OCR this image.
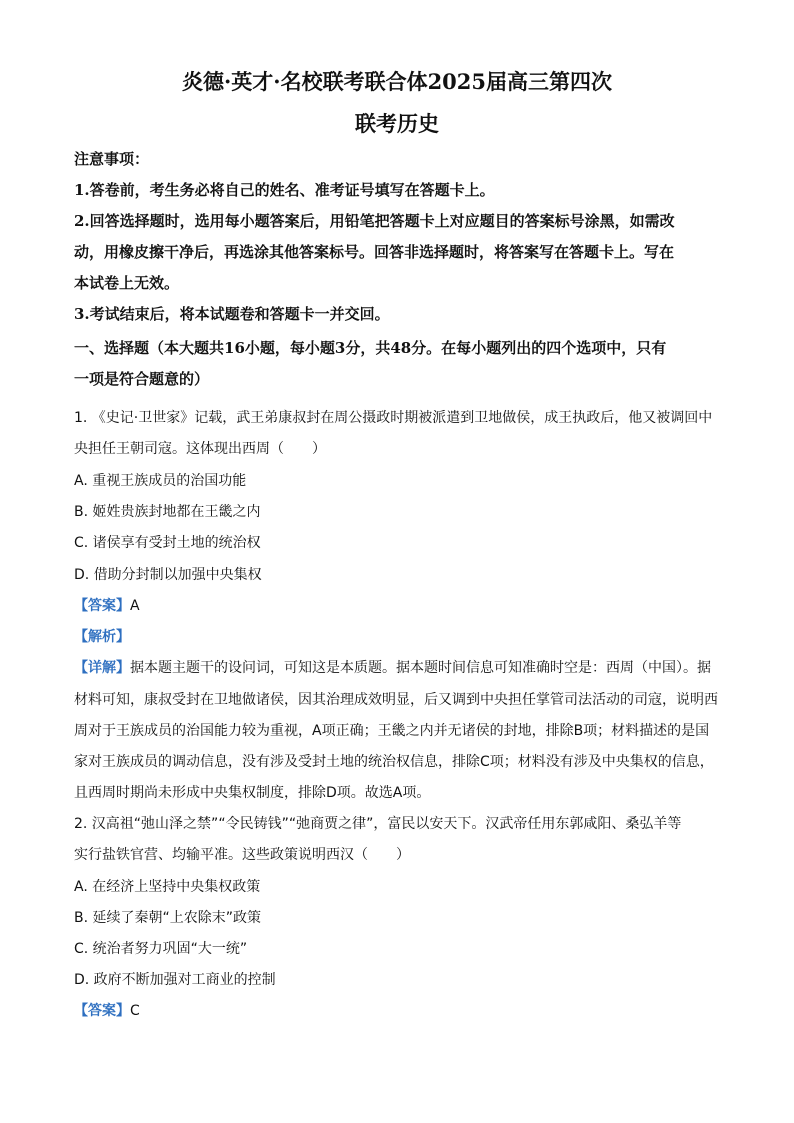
炎德·英才·名校联考联合体2025届高三第四次
联考历史

注意事项：

1.答卷前，考生务必将自己的姓名、准考证号填写在答题卡上。

2.回答选择题时，选用每小题答案后，用铅笔把答题卡上对应题目的答案标号涂黑，如需改

动，用橡皮擦干净后，再选涂其他答案标号。回答非选择题时，将答案写在答题卡上。写在

本试卷上无效。

3.考试结束后，将本试题卷和答题卡一并交回。

一、选择题（本大题共16小题，每小题3分，共48分。在每小题列出的四个选项中，只有

一项是符合题意的）

1. 《史记·卫世家》记载，武王弟康叔封在周公摄政时期被派遣到卫地做侯，成王执政后，他又被调回中

央担任王朝司寇。这体现出西周（　　）

A. 重视王族成员的治国功能

B. 姬姓贵族封地都在王畿之内

C. 诸侯享有受封土地的统治权

D. 借助分封制以加强中央集权

【答案】A

【解析】

【详解】据本题主题干的设问词，可知这是本质题。据本题时间信息可知准确时空是：西周（中国）。据

材料可知，康叔受封在卫地做诸侯，因其治理成效明显，后又调到中央担任掌管司法活动的司寇，说明西

周对于王族成员的治国能力较为重视，A项正确；王畿之内并无诸侯的封地，排除B项；材料描述的是国

家对王族成员的调动信息，没有涉及受封土地的统治权信息，排除C项；材料没有涉及中央集权的信息，

且西周时期尚未形成中央集权制度，排除D项。故选A项。

2. 汉高祖“弛山泽之禁”“令民铸钱”“弛商贾之律”，富民以安天下。汉武帝任用东郭咸阳、桑弘羊等

实行盐铁官营、均输平准。这些政策说明西汉（　　）

A. 在经济上坚持中央集权政策

B. 延续了秦朝“上农除末”政策

C. 统治者努力巩固“大一统”

D. 政府不断加强对工商业的控制

【答案】C
